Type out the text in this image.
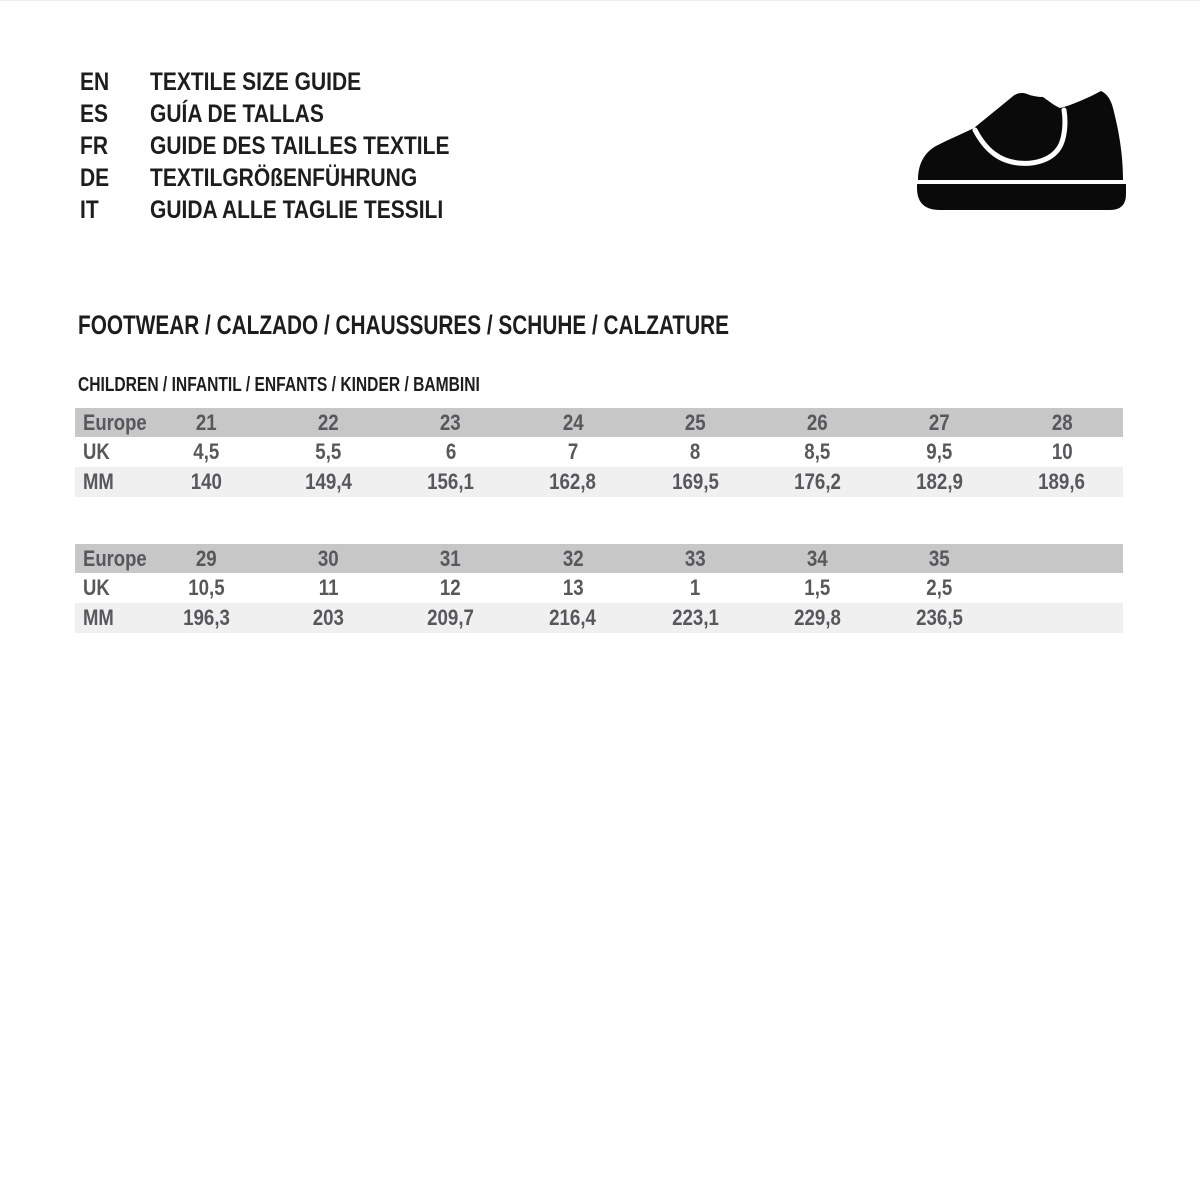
EN	TEXTILE SIZE GUIDE
ES	GUÍA DE TALLAS
FR	GUIDE DES TAILLES TEXTILE
DE	TEXTILGRÖßENFÜHRUNG
IT	GUIDA ALLE TAGLIE TESSILI
FOOTWEAR / CALZADO / CHAUSSURES / SCHUHE / CALZATURE
CHILDREN / INFANTIL / ENFANTS / KINDER / BAMBINI
Europe	21	22	23	24	25	26	27	28
UK	4,5	5,5	6	7	8	8,5	9,5	10
MM	140	149,4	156,1	162,8	169,5	176,2	182,9	189,6
Europe	29	30	31	32	33	34	35
UK	10,5	11	12	13	1	1,5	2,5
MM	196,3	203	209,7	216,4	223,1	229,8	236,5
